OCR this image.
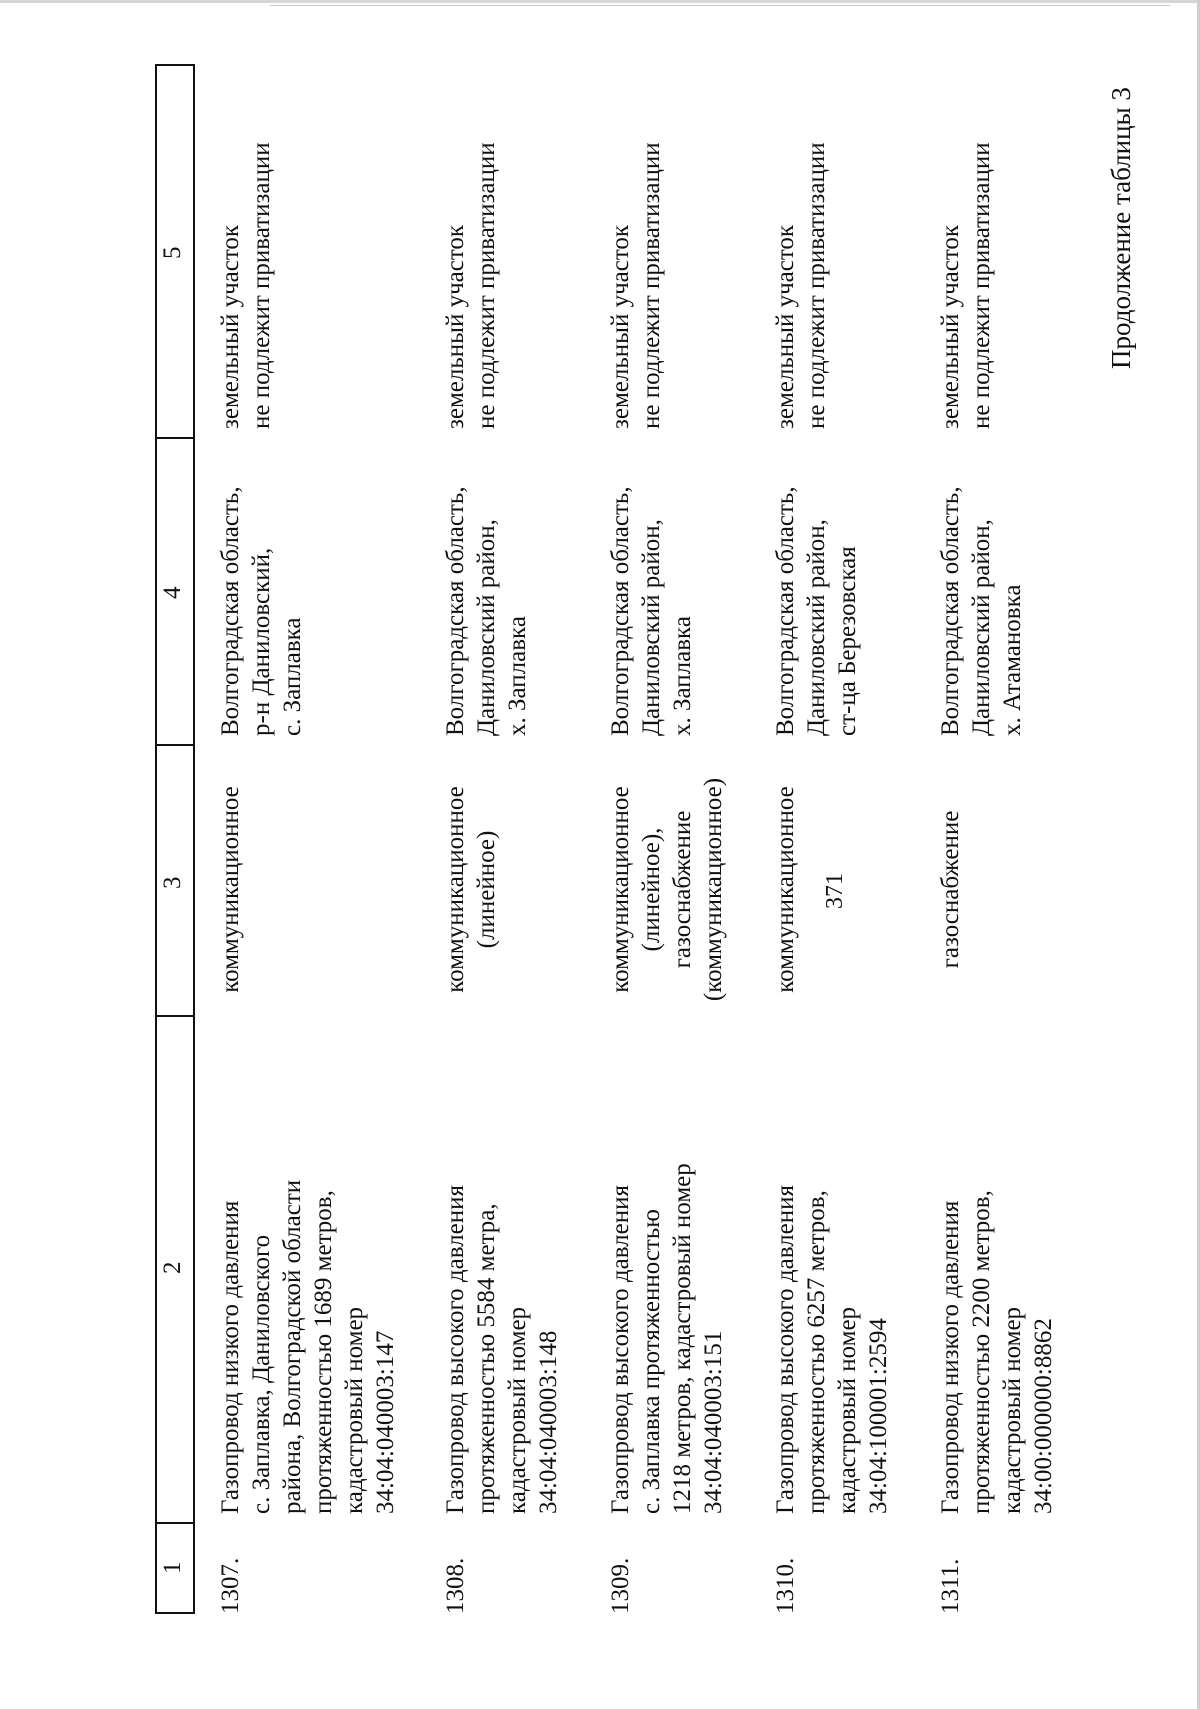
371
Продолжение таблицы 3
1
2
3
4
5
1307.
Газопровод низкого давления с. Заплавка, Даниловского района, Волгоградской области протяженностью 1689 метров, кадастровый номер 34:04:040003:147
коммуникационное
Волгоградская область, р-н Даниловский, с. Заплавка
земельный участок не подлежит приватизации
1308.
Газопровод высокого давления протяженностью 5584 метра, кадастровый номер 34:04:040003:148
коммуникационное (линейное)
Волгоградская область, Даниловский район, х. Заплавка
земельный участок не подлежит приватизации
1309.
Газопровод высокого давления с. Заплавка протяженностью 1218 метров, кадастровый номер 34:04:040003:151
коммуникационное (линейное), газоснабжение (коммуникационное)
Волгоградская область, Даниловский район, х. Заплавка
земельный участок не подлежит приватизации
1310.
Газопровод высокого давления протяженностью 6257 метров, кадастровый номер 34:04:100001:2594
коммуникационное
Волгоградская область, Даниловский район, ст-ца Березовская
земельный участок не подлежит приватизации
1311.
Газопровод низкого давления протяженностью 2200 метров, кадастровый номер 34:00:000000:8862
газоснабжение
Волгоградская область, Даниловский район, х. Атамановка
земельный участок не подлежит приватизации
